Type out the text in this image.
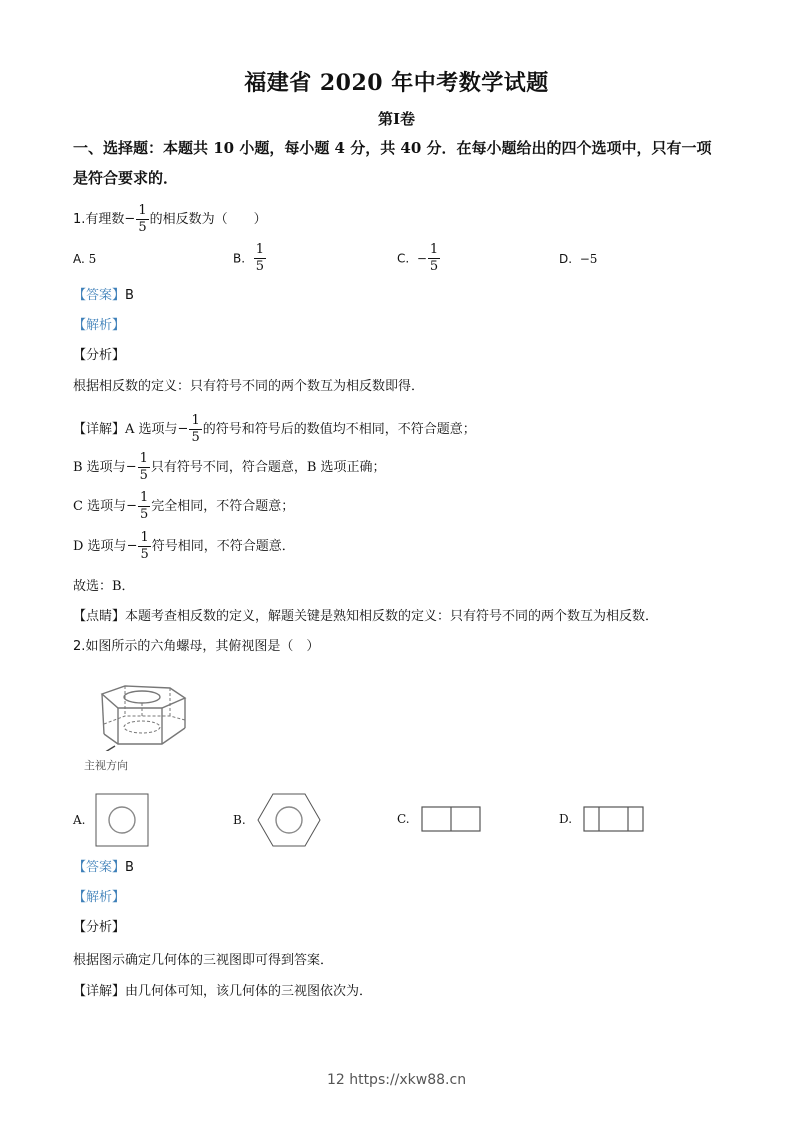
福建省 2020 年中考数学试题
第Ⅰ卷
一、选择题：本题共 10 小题，每小题 4 分，共 40 分．在每小题给出的四个选项中，只有一项是符合要求的．
1.有理数− $\frac{1}{5}$ 的相反数为（　　）
A. 5	B. $\frac{1}{5}$	C. − $\frac{1}{5}$	D. −5
【答案】B
【解析】
【分析】
根据相反数的定义：只有符号不同的两个数互为相反数即得．
【详解】A 选项与− $\frac{1}{5}$ 的符号和符号后的数值均不相同，不符合题意；
B 选项与− $\frac{1}{5}$ 只有符号不同，符合题意，B 选项正确；
C 选项与− $\frac{1}{5}$ 完全相同，不符合题意；
D 选项与− $\frac{1}{5}$ 符号相同，不符合题意．
故选：B．
【点睛】本题考查相反数的定义，解题关键是熟知相反数的定义：只有符号不同的两个数互为相反数．
2.如图所示的六角螺母，其俯视图是（　）
主视方向
A.	B.	C.	D.
【答案】B
【解析】
【分析】
根据图示确定几何体的三视图即可得到答案．
【详解】由几何体可知，该几何体的三视图依次为．
12 https://xkw88.cn
